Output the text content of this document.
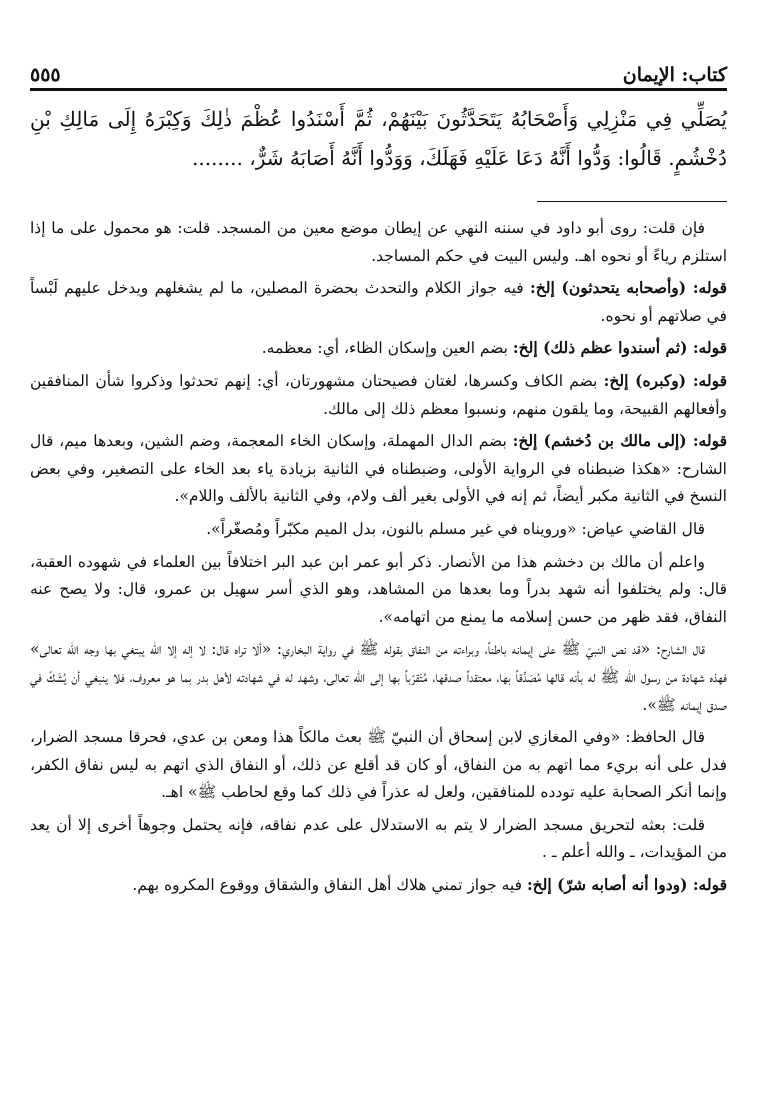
٥٥٥	كتاب: الإيمان
يُصَلِّي فِي مَنْزِلِي وَأَصْحَابُهُ يَتَحَدَّثُونَ بَيْنَهُمْ، ثُمَّ أَسْنَدُوا عُظْمَ ذٰلِكَ وَكِبْرَهُ إِلَى مَالِكِ بْنِ دُخْشُمٍ. قَالُوا: وَدُّوا أَنَّهُ دَعَا عَلَيْهِ فَهَلَكَ، وَوَدُّوا أَنَّهُ أَصَابَهُ شَرٌّ، ........

فإن قلت: روى أبو داود في سننه النهي عن إيطان موضع معين من المسجد. قلت: هو محمول على ما إذا استلزم رياءً أو نحوه اهـ. وليس البيت في حكم المساجد.

قوله: (وأصحابه يتحدثون) إلخ: فيه جواز الكلام والتحدث بحضرة المصلين، ما لم يشغلهم ويدخل عليهم لَبْساً في صلاتهم أو نحوه.

قوله: (ثم أسندوا عظم ذلك) إلخ: بضم العين وإسكان الظاء، أي: معظمه.

قوله: (وكبره) إلخ: بضم الكاف وكسرها، لغتان فصيحتان مشهورتان، أي: إنهم تحدثوا وذكروا شأن المنافقين وأفعالهم القبيحة، وما يلقون منهم، ونسبوا معظم ذلك إلى مالك.

قوله: (إلى مالك بن دُخشم) إلخ: بضم الدال المهملة، وإسكان الخاء المعجمة، وضم الشين، وبعدها ميم، قال الشارح: «هكذا ضبطناه في الرواية الأولى، وضبطناه في الثانية بزيادة ياء بعد الخاء على التصغير، وفي بعض النسخ في الثانية مكبر أيضاً، ثم إنه في الأولى بغير ألف ولام، وفي الثانية بالألف واللام».

قال القاضي عياض: «ورويناه في غير مسلم بالنون، بدل الميم مكبّراً ومُصغّراً».

واعلم أن مالك بن دخشم هذا من الأنصار. ذكر أبو عمر ابن عبد البر اختلافاً بين العلماء في شهوده العقبة، قال: ولم يختلفوا أنه شهد بدراً وما بعدها من المشاهد، وهو الذي أسر سهيل بن عمرو، قال: ولا يصح عنه النفاق، فقد ظهر من حسن إسلامه ما يمنع من اتهامه».

قال الشارح: «قد نص النبيّ ﷺ على إيمانه باطناً، وبراءته من النفاق بقوله ﷺ في رواية البخاري: «ألا تراه قال: لا إله إلا الله يبتغي بها وجه الله تعالى» فهذه شهادة من رسول الله ﷺ له بأنه قالها مُصَدِّقاً بها، معتقداً صدقها، مُتَقرّباً بها إلى الله تعالى، وشهد له في شهادته لأهل بدر بما هو معروف، فلا ينبغي أن يُشَكّ في صدق إيمانه ﷺ».

قال الحافظ: «وفي المغازي لابن إسحاق أن النبيّ ﷺ بعث مالكاً هذا ومعن بن عدي، فحرقا مسجد الضرار، فدل على أنه بريء مما اتهم به من النفاق، أو كان قد أقلع عن ذلك، أو النفاق الذي اتهم به ليس نفاق الكفر، وإنما أنكر الصحابة عليه تودده للمنافقين، ولعل له عذراً في ذلك كما وقع لحاطب ﷺ» اهـ.

قلت: بعثه لتحريق مسجد الضرار لا يتم به الاستدلال على عدم نفاقه، فإنه يحتمل وجوهاً أخرى إلا أن يعد من المؤيدات، ـ والله أعلم ـ .

قوله: (ودوا أنه أصابه شرّ) إلخ: فيه جواز تمني هلاك أهل النفاق والشقاق ووقوع المكروه بهم.
